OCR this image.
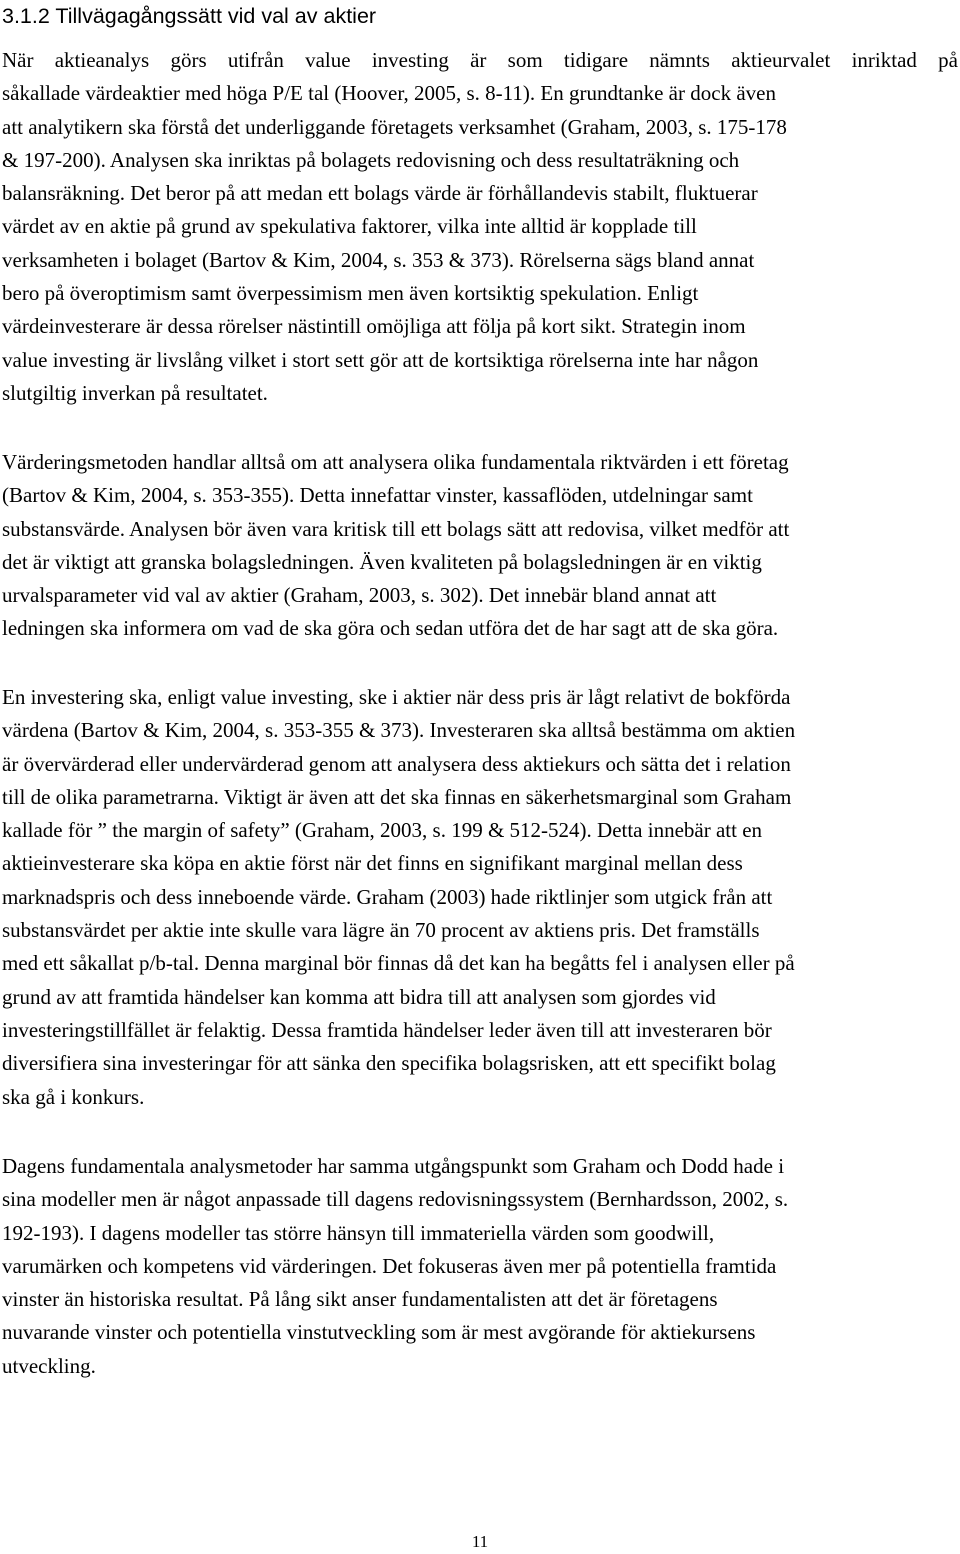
3.1.2 Tillvägagångssätt vid val av aktier
När aktieanalys görs utifrån value investing är som tidigare nämnts aktieurvalet inriktad på
såkallade värdeaktier med höga P/E tal (Hoover, 2005, s. 8-11). En grundtanke är dock även
att analytikern ska förstå det underliggande företagets verksamhet (Graham, 2003, s. 175-178
& 197-200). Analysen ska inriktas på bolagets redovisning och dess resultaträkning och
balansräkning. Det beror på att medan ett bolags värde är förhållandevis stabilt, fluktuerar
värdet av en aktie på grund av spekulativa faktorer, vilka inte alltid är kopplade till
verksamheten i bolaget (Bartov & Kim, 2004, s. 353 & 373). Rörelserna sägs bland annat
bero på överoptimism samt överpessimism men även kortsiktig spekulation. Enligt
värdeinvesterare är dessa rörelser nästintill omöjliga att följa på kort sikt. Strategin inom
value investing är livslång vilket i stort sett gör att de kortsiktiga rörelserna inte har någon
slutgiltig inverkan på resultatet.
Värderingsmetoden handlar alltså om att analysera olika fundamentala riktvärden i ett företag
(Bartov & Kim, 2004, s. 353-355). Detta innefattar vinster, kassaflöden, utdelningar samt
substansvärde. Analysen bör även vara kritisk till ett bolags sätt att redovisa, vilket medför att
det är viktigt att granska bolagsledningen. Även kvaliteten på bolagsledningen är en viktig
urvalsparameter vid val av aktier (Graham, 2003, s. 302). Det innebär bland annat att
ledningen ska informera om vad de ska göra och sedan utföra det de har sagt att de ska göra.
En investering ska, enligt value investing, ske i aktier när dess pris är lågt relativt de bokförda
värdena (Bartov & Kim, 2004, s. 353-355 & 373). Investeraren ska alltså bestämma om aktien
är övervärderad eller undervärderad genom att analysera dess aktiekurs och sätta det i relation
till de olika parametrarna. Viktigt är även att det ska finnas en säkerhetsmarginal som Graham
kallade för ” the margin of safety” (Graham, 2003, s. 199 & 512-524). Detta innebär att en
aktieinvesterare ska köpa en aktie först när det finns en signifikant marginal mellan dess
marknadspris och dess inneboende värde. Graham (2003) hade riktlinjer som utgick från att
substansvärdet per aktie inte skulle vara lägre än 70 procent av aktiens pris. Det framställs
med ett såkallat p/b-tal. Denna marginal bör finnas då det kan ha begåtts fel i analysen eller på
grund av att framtida händelser kan komma att bidra till att analysen som gjordes vid
investeringstillfället är felaktig. Dessa framtida händelser leder även till att investeraren bör
diversifiera sina investeringar för att sänka den specifika bolagsrisken, att ett specifikt bolag
ska gå i konkurs.
Dagens fundamentala analysmetoder har samma utgångspunkt som Graham och Dodd hade i
sina modeller men är något anpassade till dagens redovisningssystem (Bernhardsson, 2002, s.
192-193). I dagens modeller tas större hänsyn till immateriella värden som goodwill,
varumärken och kompetens vid värderingen. Det fokuseras även mer på potentiella framtida
vinster än historiska resultat. På lång sikt anser fundamentalisten att det är företagens
nuvarande vinster och potentiella vinstutveckling som är mest avgörande för aktiekursens
utveckling.
11
